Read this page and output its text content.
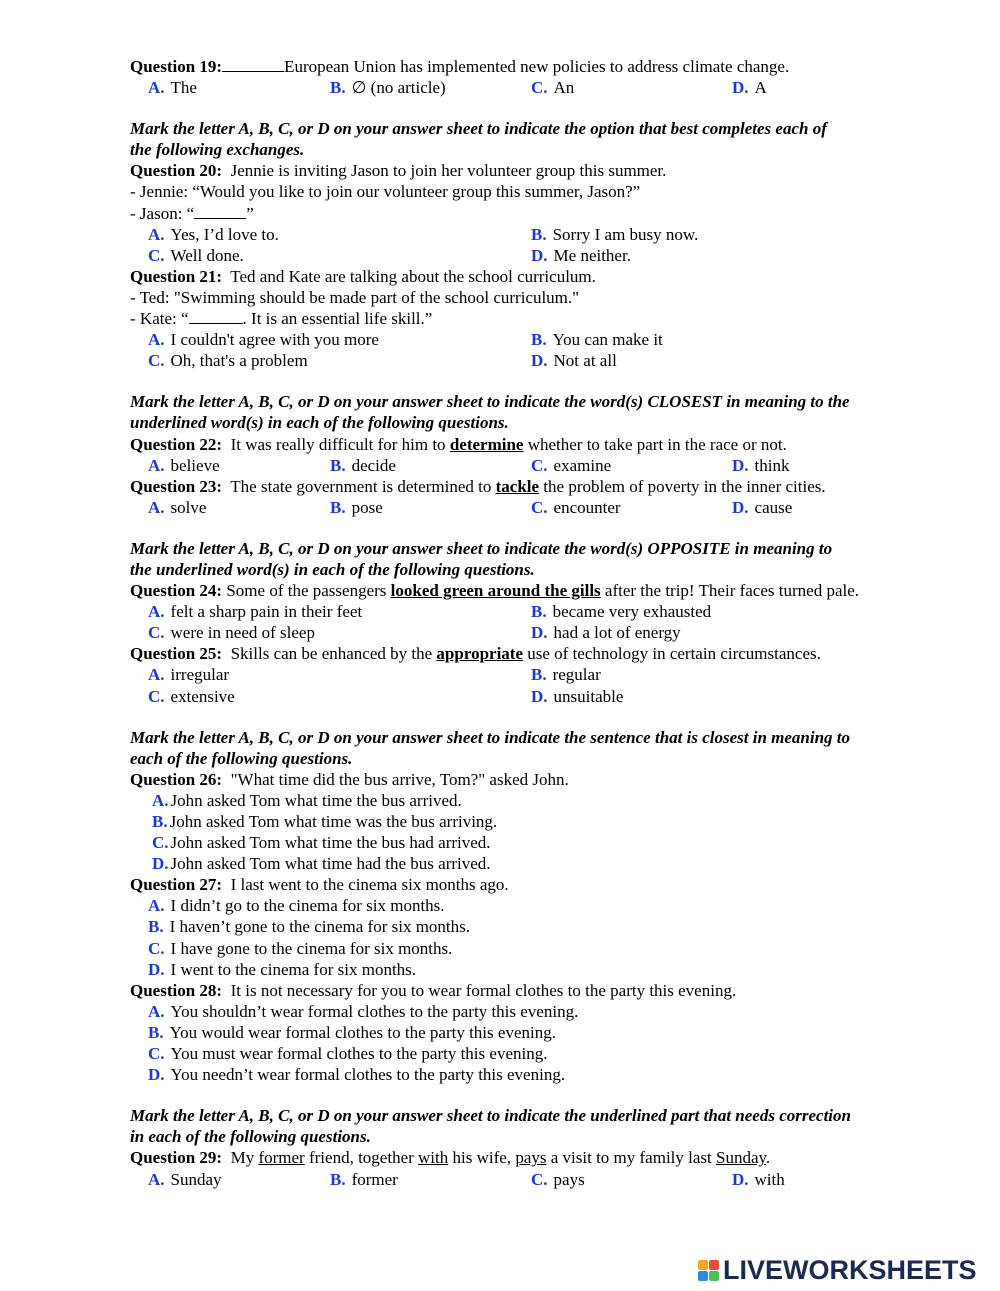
Question 19:	European Union has implemented new policies to address climate change.
A. The	B. ∅ (no article)	C. An	D. A
Mark the letter A, B, C, or D on your answer sheet to indicate the option that best completes each of
the following exchanges.
Question 20: Jennie is inviting Jason to join her volunteer group this summer.
- Jennie: “Would you like to join our volunteer group this summer, Jason?”
- Jason: “	”
A. Yes, I’d love to.	B. Sorry I am busy now.
C. Well done.	D. Me neither.
Question 21: Ted and Kate are talking about the school curriculum.
- Ted: "Swimming should be made part of the school curriculum."
- Kate: “	. It is an essential life skill.”
A. I couldn't agree with you more	B. You can make it
C. Oh, that's a problem	D. Not at all
Mark the letter A, B, C, or D on your answer sheet to indicate the word(s) CLOSEST in meaning to the
underlined word(s) in each of the following questions.
Question 22: It was really difficult for him to determine whether to take part in the race or not.
A. believe	B. decide	C. examine	D. think
Question 23: The state government is determined to tackle the problem of poverty in the inner cities.
A. solve	B. pose	C. encounter	D. cause
Mark the letter A, B, C, or D on your answer sheet to indicate the word(s) OPPOSITE in meaning to
the underlined word(s) in each of the following questions.
Question 24: Some of the passengers looked green around the gills after the trip! Their faces turned pale.
A. felt a sharp pain in their feet	B. became very exhausted
C. were in need of sleep	D. had a lot of energy
Question 25: Skills can be enhanced by the appropriate use of technology in certain circumstances.
A. irregular	B. regular
C. extensive	D. unsuitable
Mark the letter A, B, C, or D on your answer sheet to indicate the sentence that is closest in meaning to
each of the following questions.
Question 26: "What time did the bus arrive, Tom?" asked John.
A. John asked Tom what time the bus arrived.
B. John asked Tom what time was the bus arriving.
C. John asked Tom what time the bus had arrived.
D. John asked Tom what time had the bus arrived.
Question 27: I last went to the cinema six months ago.
A. I didn’t go to the cinema for six months.
B. I haven’t gone to the cinema for six months.
C. I have gone to the cinema for six months.
D. I went to the cinema for six months.
Question 28: It is not necessary for you to wear formal clothes to the party this evening.
A. You shouldn’t wear formal clothes to the party this evening.
B. You would wear formal clothes to the party this evening.
C. You must wear formal clothes to the party this evening.
D. You needn’t wear formal clothes to the party this evening.
Mark the letter A, B, C, or D on your answer sheet to indicate the underlined part that needs correction
in each of the following questions.
Question 29: My former friend, together with his wife, pays a visit to my family last Sunday.
A. Sunday	B. former	C. pays	D. with
LIVEWORKSHEETS
